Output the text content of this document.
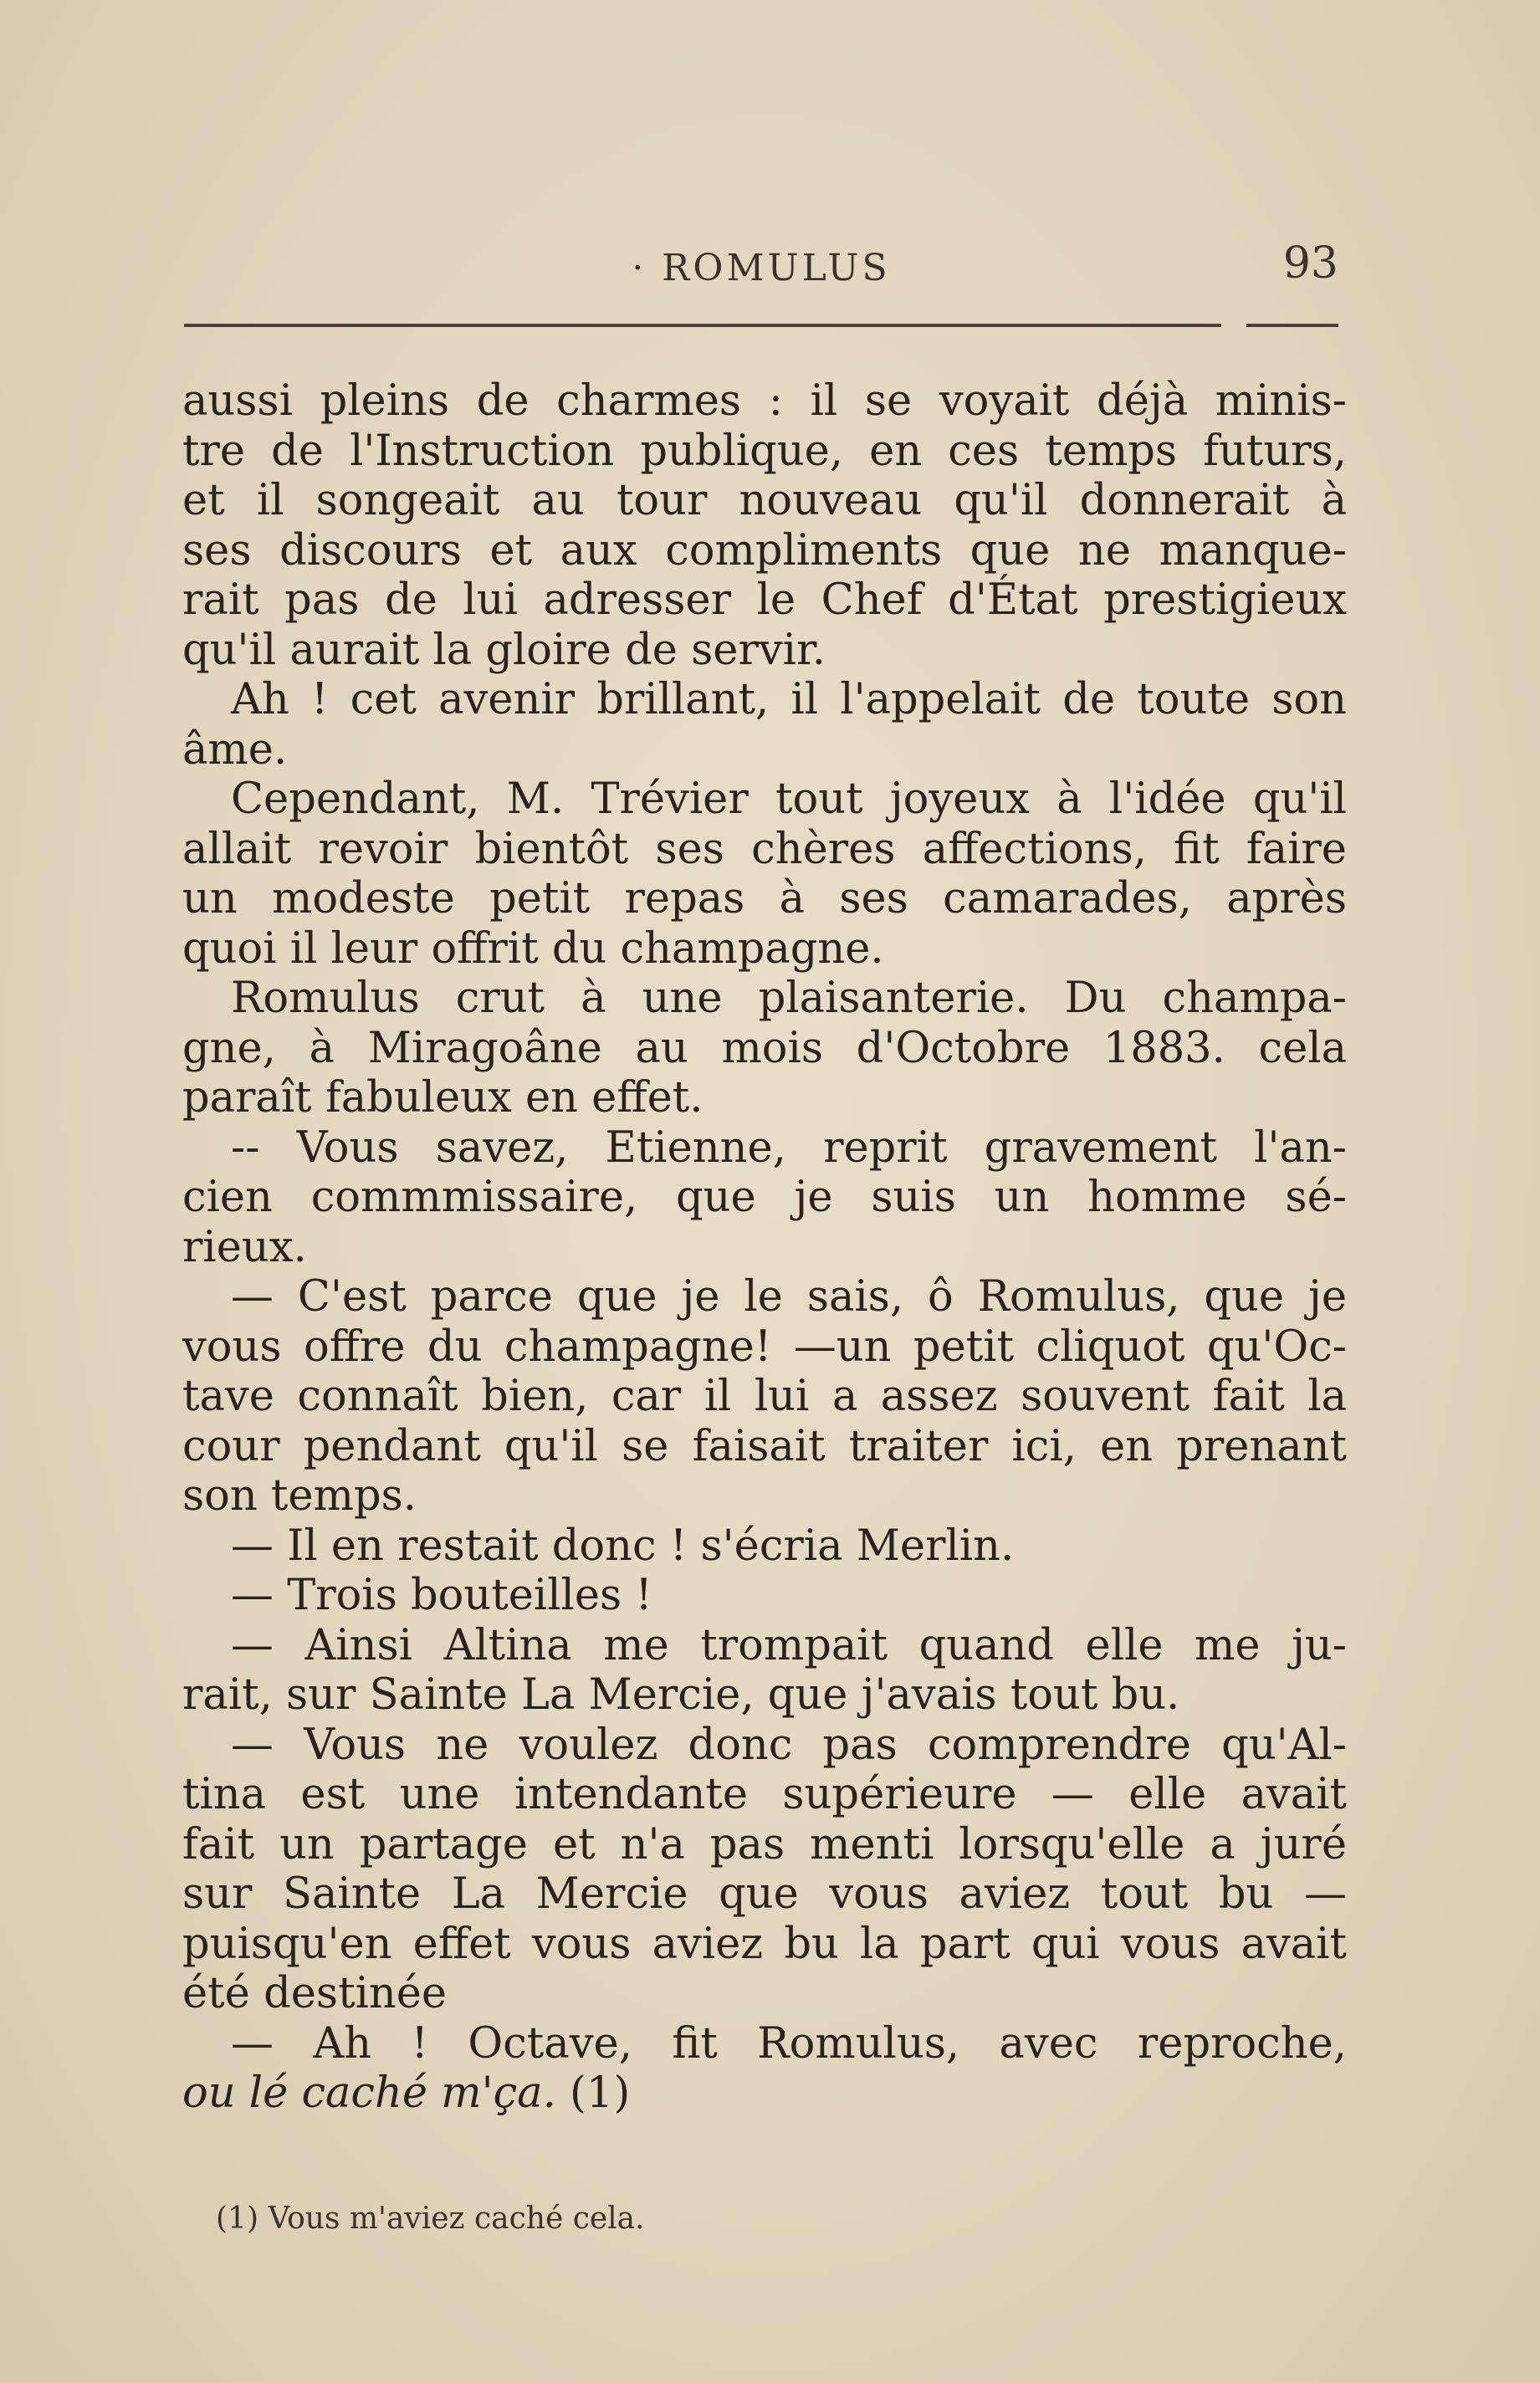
· ROMULUS	93
aussi pleins de charmes : il se voyait déjà minis-
tre de l'Instruction publique, en ces temps futurs,
et il songeait au tour nouveau qu'il donnerait à
ses discours et aux compliments que ne manque-
rait pas de lui adresser le Chef d'État prestigieux
qu'il aurait la gloire de servir.
Ah ! cet avenir brillant, il l'appelait de toute son
âme.
Cependant, M. Trévier tout joyeux à l'idée qu'il
allait revoir bientôt ses chères affections, fit faire
un modeste petit repas à ses camarades, après
quoi il leur offrit du champagne.
Romulus crut à une plaisanterie. Du champa-
gne, à Miragoâne au mois d'Octobre 1883. cela
paraît fabuleux en effet.
-- Vous savez, Etienne, reprit gravement l'an-
cien commmissaire, que je suis un homme sé-
rieux.
— C'est parce que je le sais, ô Romulus, que je
vous offre du champagne! —un petit cliquot qu'Oc-
tave connaît bien, car il lui a assez souvent fait la
cour pendant qu'il se faisait traiter ici, en prenant
son temps.
— Il en restait donc ! s'écria Merlin.
— Trois bouteilles !
— Ainsi Altina me trompait quand elle me ju-
rait, sur Sainte La Mercie, que j'avais tout bu.
— Vous ne voulez donc pas comprendre qu'Al-
tina est une intendante supérieure — elle avait
fait un partage et n'a pas menti lorsqu'elle a juré
sur Sainte La Mercie que vous aviez tout bu —
puisqu'en effet vous aviez bu la part qui vous avait
été destinée
— Ah ! Octave, fit Romulus, avec reproche,
ou lé caché m'ça. (1)
(1) Vous m'aviez caché cela.
